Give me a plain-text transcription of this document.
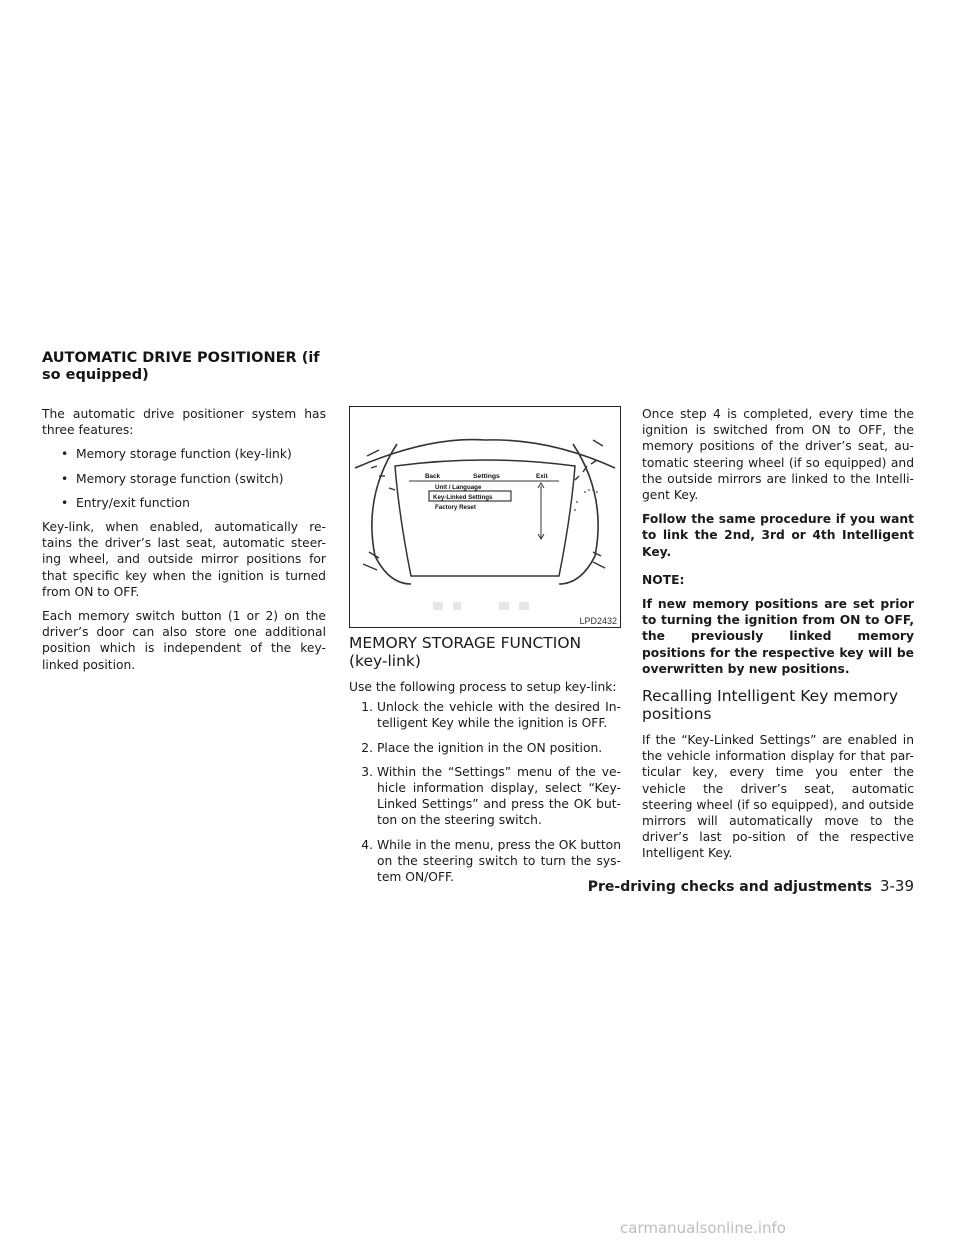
AUTOMATIC DRIVE POSITIONER (if so equipped)

The automatic drive positioner system has three features:

• Memory storage function (key-link)
• Memory storage function (switch)
• Entry/exit function

Key-link, when enabled, automatically re-tains the driver’s last seat, automatic steer-ing wheel, and outside mirror positions for that specific key when the ignition is turned from ON to OFF.

Each memory switch button (1 or 2) on the driver’s door can also store one additional position which is independent of the key-linked position.

Back	Settings	Exit
Unit / Language
Key-Linked Settings
Factory Reset
LPD2432
MEMORY STORAGE FUNCTION (key-link)

Use the following process to setup key-link:

1. Unlock the vehicle with the desired In-telligent Key while the ignition is OFF.
2. Place the ignition in the ON position.
3. Within the “Settings” menu of the ve-hicle information display, select “Key-Linked Settings” and press the OK but-ton on the steering switch.
4. While in the menu, press the OK button on the steering switch to turn the sys-tem ON/OFF.

Once step 4 is completed, every time the ignition is switched from ON to OFF, the memory positions of the driver’s seat, au-tomatic steering wheel (if so equipped) and the outside mirrors are linked to the Intelli-gent Key.

Follow the same procedure if you want to link the 2nd, 3rd or 4th Intelligent Key.

NOTE:

If new memory positions are set prior to turning the ignition from ON to OFF, the previously linked memory positions for the respective key will be overwritten by new positions.

Recalling Intelligent Key memory positions

If the “Key-Linked Settings” are enabled in the vehicle information display for that par-ticular key, every time you enter the vehicle the driver’s seat, automatic steering wheel (if so equipped), and outside mirrors will automatically move to the driver’s last po-sition of the respective Intelligent Key.

Pre-driving checks and adjustments 3-39
carmanualsonline.info
